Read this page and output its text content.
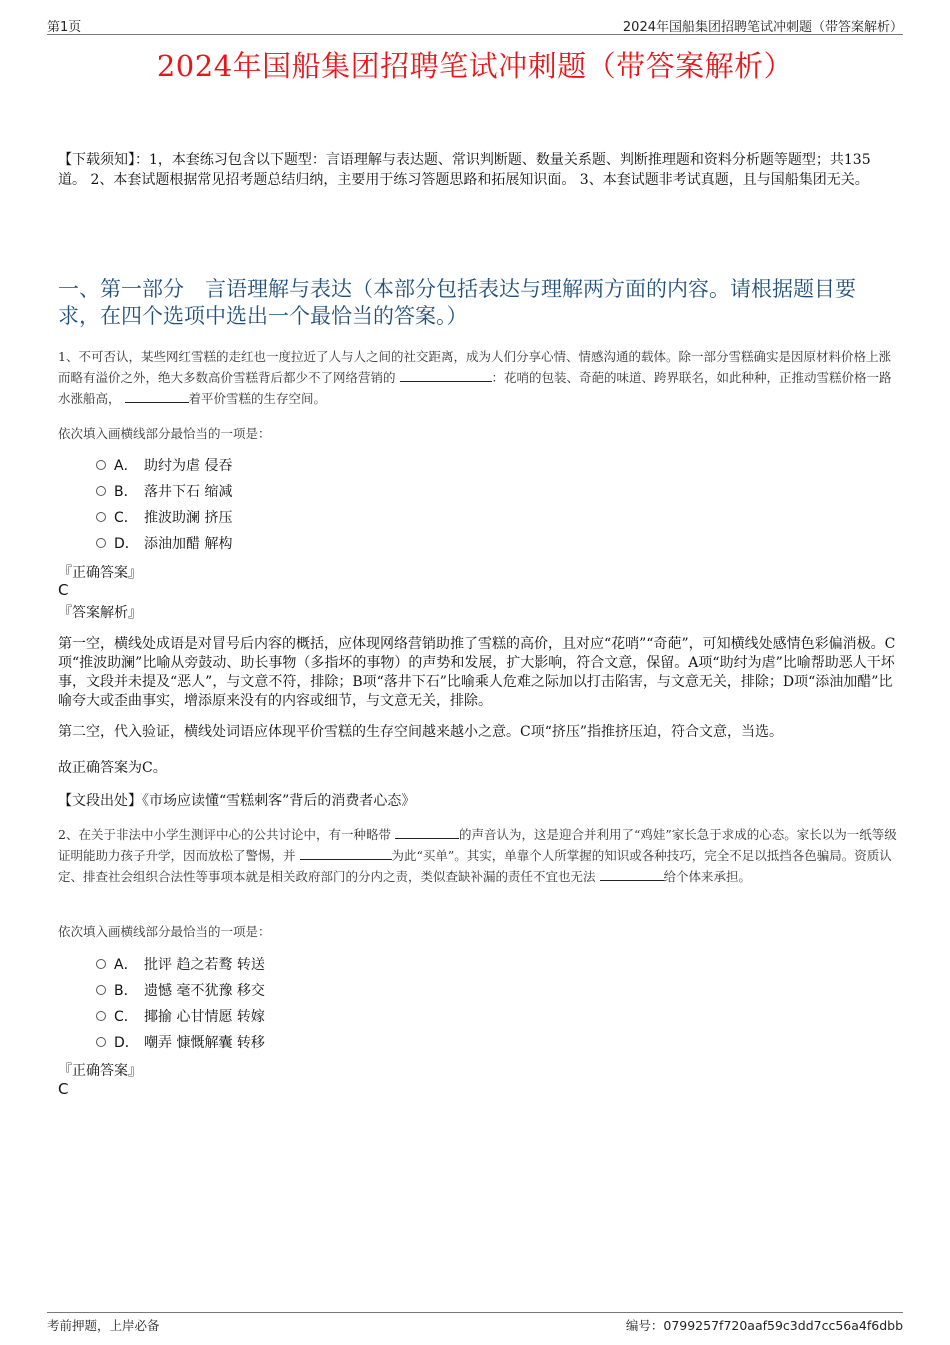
第1页	2024年国船集团招聘笔试冲刺题（带答案解析）
2024年国船集团招聘笔试冲刺题（带答案解析）
【下载须知】：1，本套练习包含以下题型：言语理解与表达题、常识判断题、数量关系题、判断推理题和资料分析题等题型；共135道。 2、本套试题根据常见招考题总结归纳，主要用于练习答题思路和拓展知识面。 3、本套试题非考试真题，且与国船集团无关。
一、第一部分　言语理解与表达（本部分包括表达与理解两方面的内容。请根据题目要求，在四个选项中选出一个最恰当的答案。）
1、不可否认，某些网红雪糕的走红也一度拉近了人与人之间的社交距离，成为人们分享心情、情感沟通的载体。除一部分雪糕确实是因原材料价格上涨而略有溢价之外，绝大多数高价雪糕背后都少不了网络营销的	：花哨的包装、奇葩的味道、跨界联名，如此种种，正推动雪糕价格一路水涨船高，	着平价雪糕的生存空间。
依次填入画横线部分最恰当的一项是：
A． 助纣为虐 侵吞
B． 落井下石 缩减
C． 推波助澜 挤压
D． 添油加醋 解构
『正确答案』
C
『答案解析』
第一空，横线处成语是对冒号后内容的概括，应体现网络营销助推了雪糕的高价，且对应“花哨”“奇葩”，可知横线处感情色彩偏消极。C项“推波助澜”比喻从旁鼓动、助长事物（多指坏的事物）的声势和发展，扩大影响，符合文意，保留。A项“助纣为虐”比喻帮助恶人干坏事，文段并未提及“恶人”，与文意不符，排除；B项“落井下石”比喻乘人危难之际加以打击陷害，与文意无关，排除；D项“添油加醋”比喻夸大或歪曲事实，增添原来没有的内容或细节，与文意无关，排除。
第二空，代入验证，横线处词语应体现平价雪糕的生存空间越来越小之意。C项“挤压”指推挤压迫，符合文意，当选。
故正确答案为C。
【文段出处】《市场应读懂“雪糕刺客”背后的消费者心态》
2、在关于非法中小学生测评中心的公共讨论中，有一种略带	的声音认为，这是迎合并利用了“鸡娃”家长急于求成的心态。家长以为一纸等级证明能助力孩子升学，因而放松了警惕，并	为此“买单”。其实，单靠个人所掌握的知识或各种技巧，完全不足以抵挡各色骗局。资质认定、排查社会组织合法性等事项本就是相关政府部门的分内之责，类似查缺补漏的责任不宜也无法	给个体来承担。
依次填入画横线部分最恰当的一项是：
A． 批评 趋之若鹜 转送
B． 遗憾 毫不犹豫 移交
C． 揶揄 心甘情愿 转嫁
D． 嘲弄 慷慨解囊 转移
『正确答案』
C
考前押题，上岸必备	编号：0799257f720aaf59c3dd7cc56a4f6dbb
